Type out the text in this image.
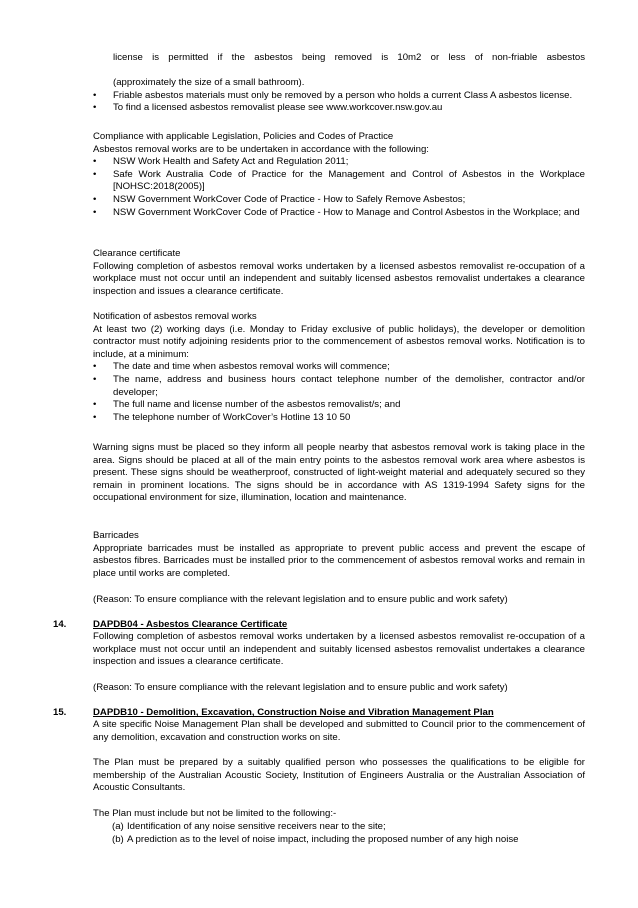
license is permitted if the asbestos being removed is 10m2 or less of non-friable asbestos
(approximately the size of a small bathroom).
• Friable asbestos materials must only be removed by a person who holds a current Class A asbestos license.
• To find a licensed asbestos removalist please see www.workcover.nsw.gov.au
Compliance with applicable Legislation, Policies and Codes of Practice
Asbestos removal works are to be undertaken in accordance with the following:
• NSW Work Health and Safety Act and Regulation 2011;
• Safe Work Australia Code of Practice for the Management and Control of Asbestos in the Workplace [NOHSC:2018(2005)]
• NSW Government WorkCover Code of Practice - How to Safely Remove Asbestos;
• NSW Government WorkCover Code of Practice - How to Manage and Control Asbestos in the Workplace; and
Clearance certificate
Following completion of asbestos removal works undertaken by a licensed asbestos removalist re-occupation of a workplace must not occur until an independent and suitably licensed asbestos removalist undertakes a clearance inspection and issues a clearance certificate.
Notification of asbestos removal works
At least two (2) working days (i.e. Monday to Friday exclusive of public holidays), the developer or demolition contractor must notify adjoining residents prior to the commencement of asbestos removal works. Notification is to include, at a minimum:
• The date and time when asbestos removal works will commence;
• The name, address and business hours contact telephone number of the demolisher, contractor and/or developer;
• The full name and license number of the asbestos removalist/s; and
• The telephone number of WorkCover’s Hotline 13 10 50
Warning signs must be placed so they inform all people nearby that asbestos removal work is taking place in the area. Signs should be placed at all of the main entry points to the asbestos removal work area where asbestos is present. These signs should be weatherproof, constructed of light-weight material and adequately secured so they remain in prominent locations. The signs should be in accordance with AS 1319-1994 Safety signs for the occupational environment for size, illumination, location and maintenance.
Barricades
Appropriate barricades must be installed as appropriate to prevent public access and prevent the escape of asbestos fibres. Barricades must be installed prior to the commencement of asbestos removal works and remain in place until works are completed.
(Reason: To ensure compliance with the relevant legislation and to ensure public and work safety)
14.	DAPDB04 - Asbestos Clearance Certificate
Following completion of asbestos removal works undertaken by a licensed asbestos removalist re-occupation of a workplace must not occur until an independent and suitably licensed asbestos removalist undertakes a clearance inspection and issues a clearance certificate.
(Reason: To ensure compliance with the relevant legislation and to ensure public and work safety)
15.	DAPDB10 - Demolition, Excavation, Construction Noise and Vibration Management Plan
A site specific Noise Management Plan shall be developed and submitted to Council prior to the commencement of any demolition, excavation and construction works on site.
The Plan must be prepared by a suitably qualified person who possesses the qualifications to be eligible for membership of the Australian Acoustic Society, Institution of Engineers Australia or the Australian Association of Acoustic Consultants.
The Plan must include but not be limited to the following:-
(a) Identification of any noise sensitive receivers near to the site;
(b) A prediction as to the level of noise impact, including the proposed number of any high noise
